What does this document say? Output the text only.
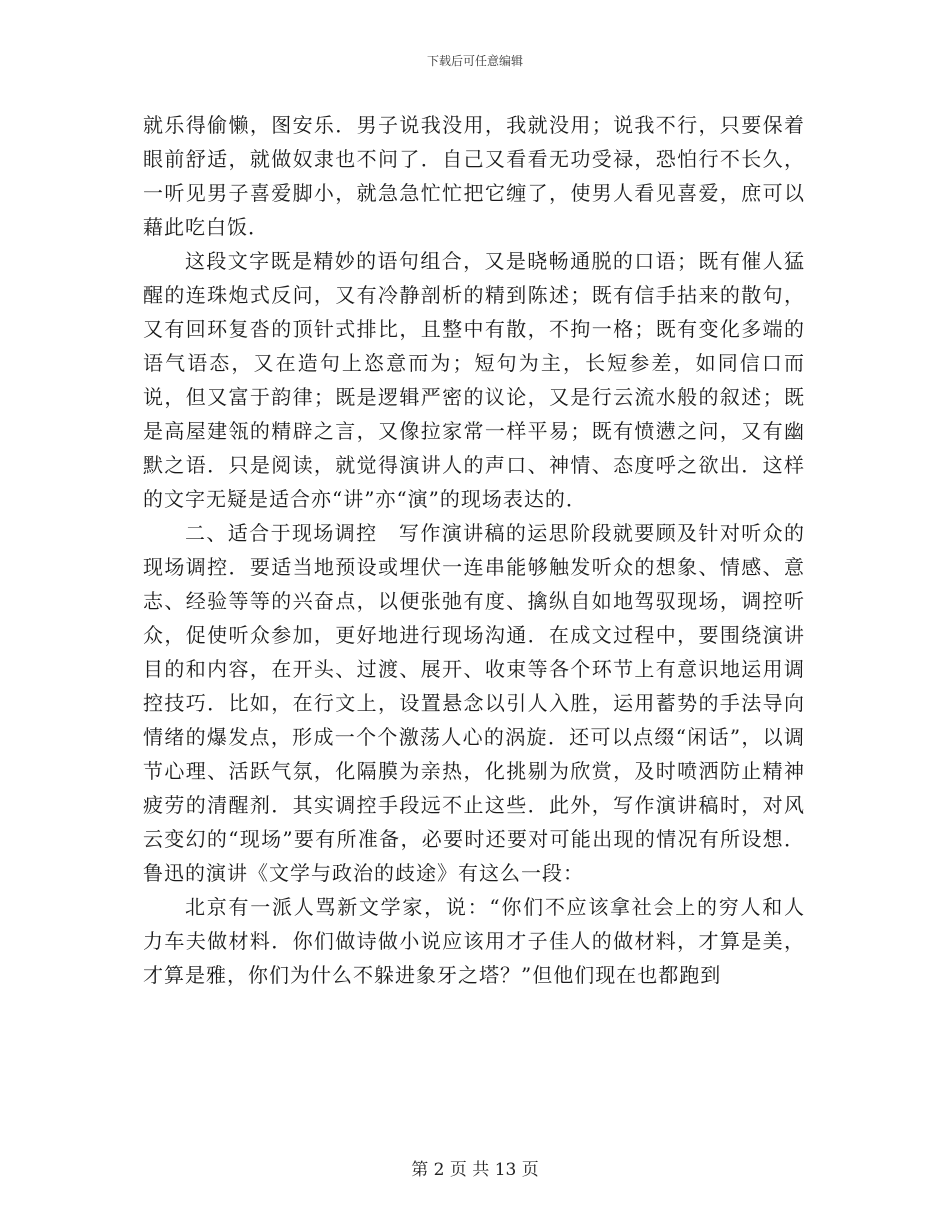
下载后可任意编辑

就乐得偷懒，图安乐．男子说我没用，我就没用；说我不行，只要保着眼前舒适，就做奴隶也不问了．自己又看看无功受禄，恐怕行不长久，一听见男子喜爱脚小，就急急忙忙把它缠了，使男人看见喜爱，庶可以藉此吃白饭．

这段文字既是精妙的语句组合，又是晓畅通脱的口语；既有催人猛醒的连珠炮式反问，又有冷静剖析的精到陈述；既有信手拈来的散句，又有回环复沓的顶针式排比，且整中有散，不拘一格；既有变化多端的语气语态，又在造句上恣意而为；短句为主，长短参差，如同信口而说，但又富于韵律；既是逻辑严密的议论，又是行云流水般的叙述；既是高屋建瓴的精辟之言，又像拉家常一样平易；既有愤懑之问，又有幽默之语．只是阅读，就觉得演讲人的声口、神情、态度呼之欲出．这样的文字无疑是适合亦“讲”亦“演”的现场表达的．

二、适合于现场调控　写作演讲稿的运思阶段就要顾及针对听众的现场调控．要适当地预设或埋伏一连串能够触发听众的想象、情感、意志、经验等等的兴奋点，以便张弛有度、擒纵自如地驾驭现场，调控听众，促使听众参加，更好地进行现场沟通．在成文过程中，要围绕演讲目的和内容，在开头、过渡、展开、收束等各个环节上有意识地运用调控技巧．比如，在行文上，设置悬念以引人入胜，运用蓄势的手法导向情绪的爆发点，形成一个个激荡人心的涡旋．还可以点缀“闲话”，以调节心理、活跃气氛，化隔膜为亲热，化挑剔为欣赏，及时喷洒防止精神疲劳的清醒剂．其实调控手段远不止这些．此外，写作演讲稿时，对风云变幻的“现场”要有所准备，必要时还要对可能出现的情况有所设想．鲁迅的演讲《文学与政治的歧途》有这么一段：

北京有一派人骂新文学家，说：“你们不应该拿社会上的穷人和人力车夫做材料．你们做诗做小说应该用才子佳人的做材料，才算是美，才算是雅，你们为什么不躲进象牙之塔？”但他们现在也都跑到

第 2 页 共 13 页
